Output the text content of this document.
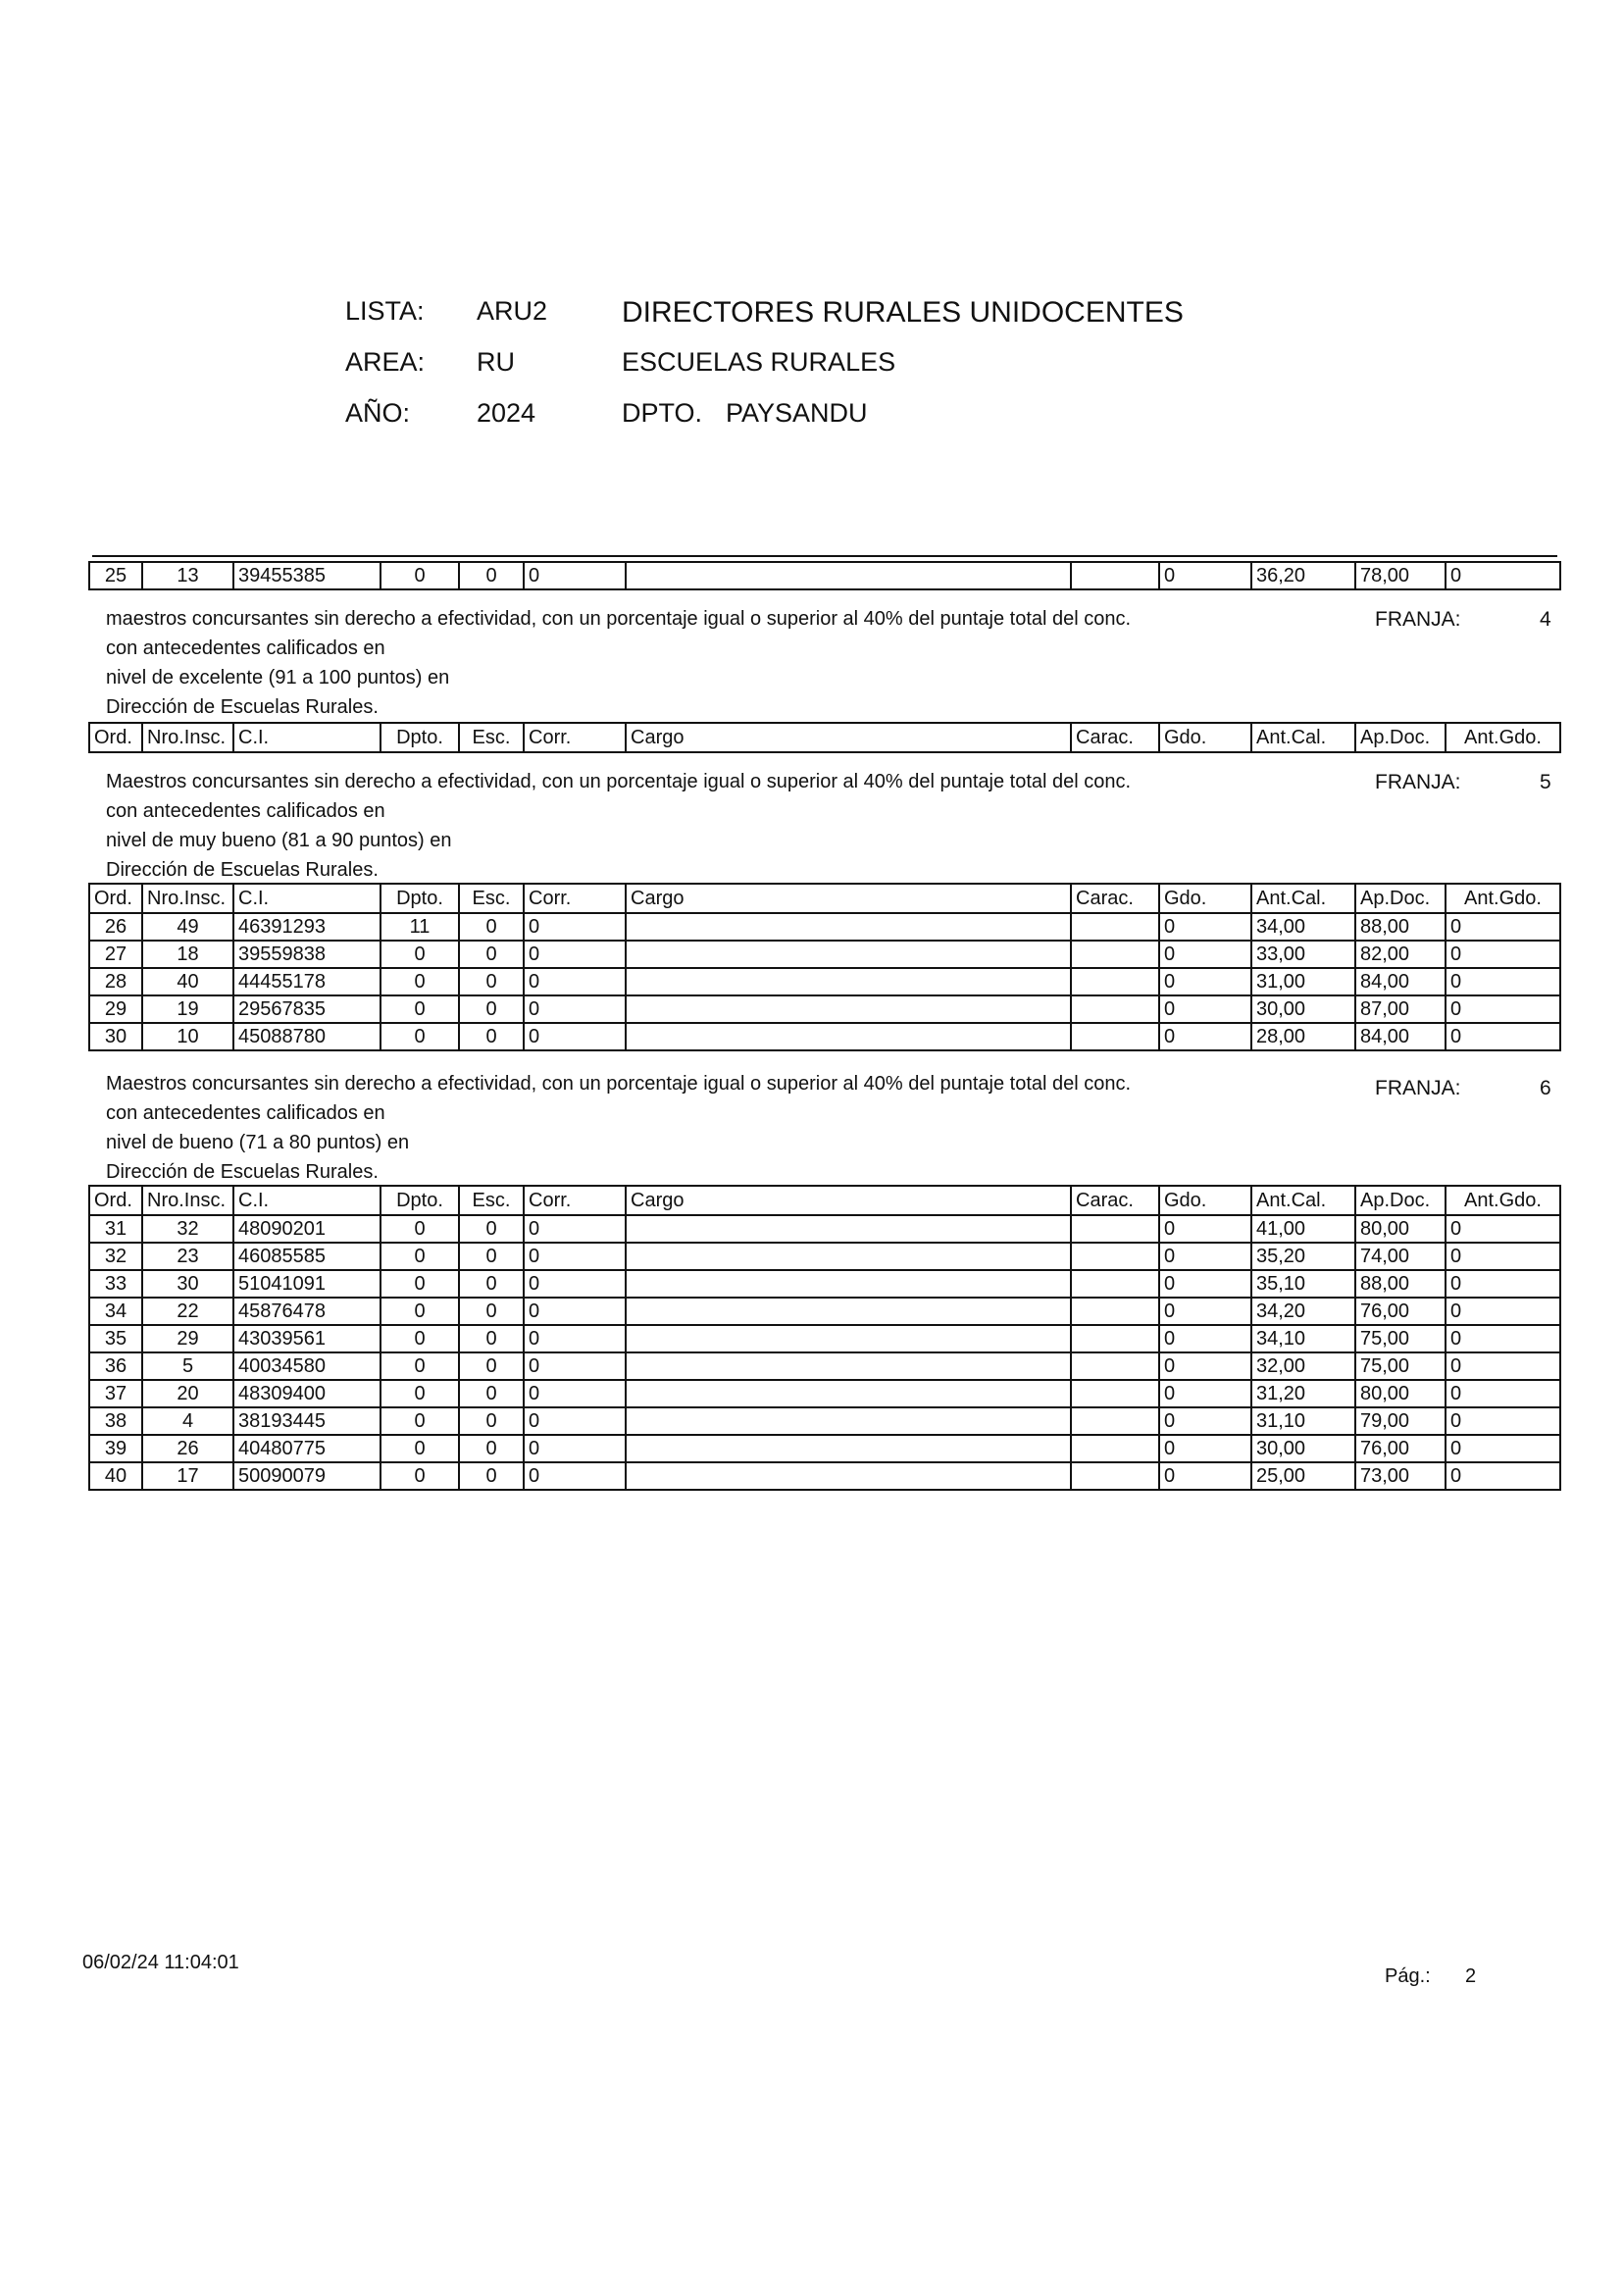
LISTA: ARU2	DIRECTORES RURALES UNIDOCENTES
AREA: RU	ESCUELAS RURALES
AÑO:	2024	DPTO. PAYSANDU
25	13	39455385	0	0	0			0	36,20	78,00	0
maestros concursantes sin derecho a efectividad, con un porcentaje igual o superior al 40% del puntaje total del conc.
con antecedentes calificados en
nivel de excelente (91 a 100 puntos) en
Dirección de Escuelas Rurales.
FRANJA:	4
Ord.	Nro.Insc.	C.I.	Dpto.	Esc.	Corr.	Cargo	Carac.	Gdo.	Ant.Cal.	Ap.Doc.	Ant.Gdo.
Maestros concursantes sin derecho a efectividad, con un porcentaje igual o superior al 40% del puntaje total del conc.
con antecedentes calificados en
nivel de muy bueno (81 a 90 puntos) en
Dirección de Escuelas Rurales.
FRANJA:	5
Ord.	Nro.Insc.	C.I.	Dpto.	Esc.	Corr.	Cargo	Carac.	Gdo.	Ant.Cal.	Ap.Doc.	Ant.Gdo.
26	49	46391293	11	0	0			0	34,00	88,00	0
27	18	39559838	0	0	0			0	33,00	82,00	0
28	40	44455178	0	0	0			0	31,00	84,00	0
29	19	29567835	0	0	0			0	30,00	87,00	0
30	10	45088780	0	0	0			0	28,00	84,00	0
Maestros concursantes sin derecho a efectividad, con un porcentaje igual o superior al 40% del puntaje total del conc.
con antecedentes calificados en
nivel de bueno (71 a 80 puntos) en
Dirección de Escuelas Rurales.
FRANJA:	6
Ord.	Nro.Insc.	C.I.	Dpto.	Esc.	Corr.	Cargo	Carac.	Gdo.	Ant.Cal.	Ap.Doc.	Ant.Gdo.
31	32	48090201	0	0	0			0	41,00	80,00	0
32	23	46085585	0	0	0			0	35,20	74,00	0
33	30	51041091	0	0	0			0	35,10	88,00	0
34	22	45876478	0	0	0			0	34,20	76,00	0
35	29	43039561	0	0	0			0	34,10	75,00	0
36	5	40034580	0	0	0			0	32,00	75,00	0
37	20	48309400	0	0	0			0	31,20	80,00	0
38	4	38193445	0	0	0			0	31,10	79,00	0
39	26	40480775	0	0	0			0	30,00	76,00	0
40	17	50090079	0	0	0			0	25,00	73,00	0
06/02/24 11:04:01
Pág.: 2
